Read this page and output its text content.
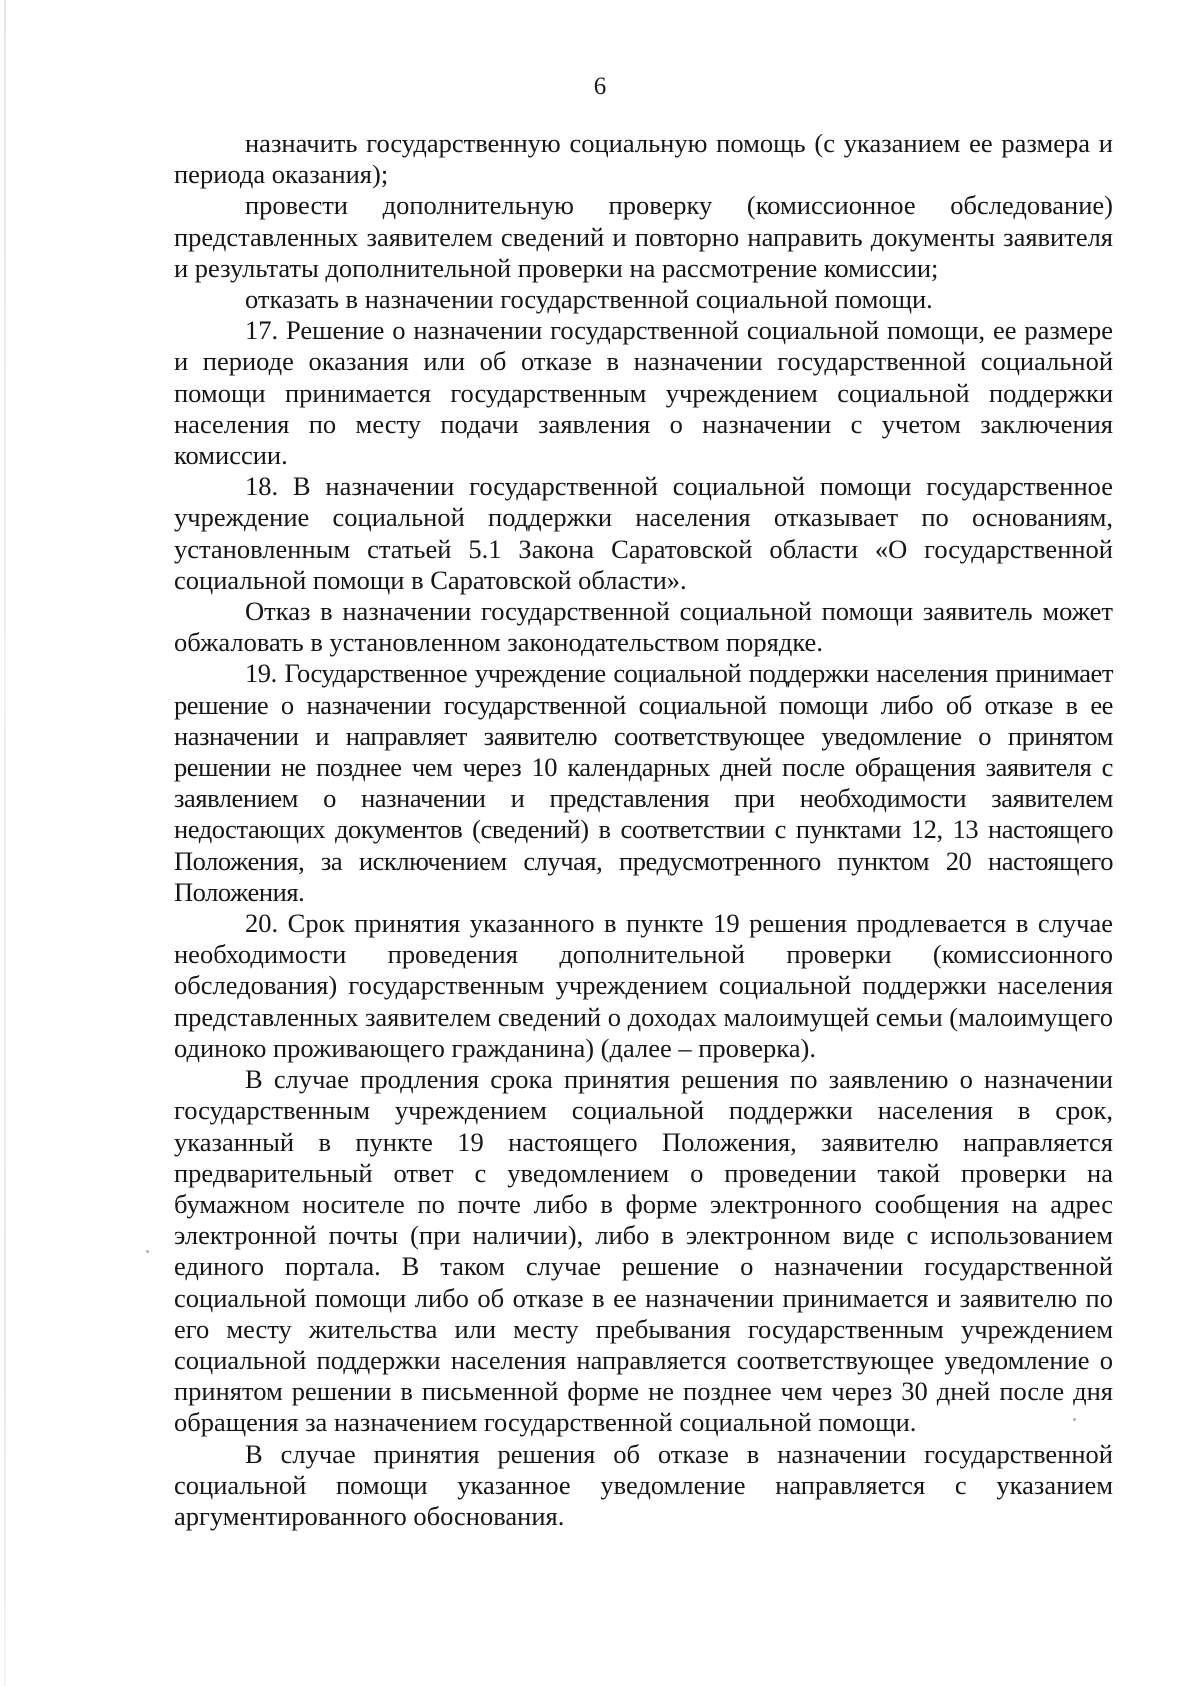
6

назначить государственную социальную помощь (с указанием ее размера и периода оказания);

провести дополнительную проверку (комиссионное обследование) представленных заявителем сведений и повторно направить документы заявителя и результаты дополнительной проверки на рассмотрение комиссии;

отказать в назначении государственной социальной помощи.

17. Решение о назначении государственной социальной помощи, ее размере и периоде оказания или об отказе в назначении государственной социальной помощи принимается государственным учреждением социальной поддержки населения по месту подачи заявления о назначении с учетом заключения комиссии.

18. В назначении государственной социальной помощи государственное учреждение социальной поддержки населения отказывает по основаниям, установленным статьей 5.1 Закона Саратовской области «О государственной социальной помощи в Саратовской области».

Отказ в назначении государственной социальной помощи заявитель может обжаловать в установленном законодательством порядке.

19. Государственное учреждение социальной поддержки населения принимает решение о назначении государственной социальной помощи либо об отказе в ее назначении и направляет заявителю соответствующее уведомление о принятом решении не позднее чем через 10 календарных дней после обращения заявителя с заявлением о назначении и представления при необходимости заявителем недостающих документов (сведений) в соответствии с пунктами 12, 13 настоящего Положения, за исключением случая, предусмотренного пунктом 20 настоящего Положения.

20. Срок принятия указанного в пункте 19 решения продлевается в случае необходимости проведения дополнительной проверки (комиссионного обследования) государственным учреждением социальной поддержки населения представленных заявителем сведений о доходах малоимущей семьи (малоимущего одиноко проживающего гражданина) (далее – проверка).

В случае продления срока принятия решения по заявлению о назначении государственным учреждением социальной поддержки населения в срок, указанный в пункте 19 настоящего Положения, заявителю направляется предварительный ответ с уведомлением о проведении такой проверки на бумажном носителе по почте либо в форме электронного сообщения на адрес электронной почты (при наличии), либо в электронном виде с использованием единого портала. В таком случае решение о назначении государственной социальной помощи либо об отказе в ее назначении принимается и заявителю по его месту жительства или месту пребывания государственным учреждением социальной поддержки населения направляется соответствующее уведомление о принятом решении в письменной форме не позднее чем через 30 дней после дня обращения за назначением государственной социальной помощи.

В случае принятия решения об отказе в назначении государственной социальной помощи указанное уведомление направляется с указанием аргументированного обоснования.
